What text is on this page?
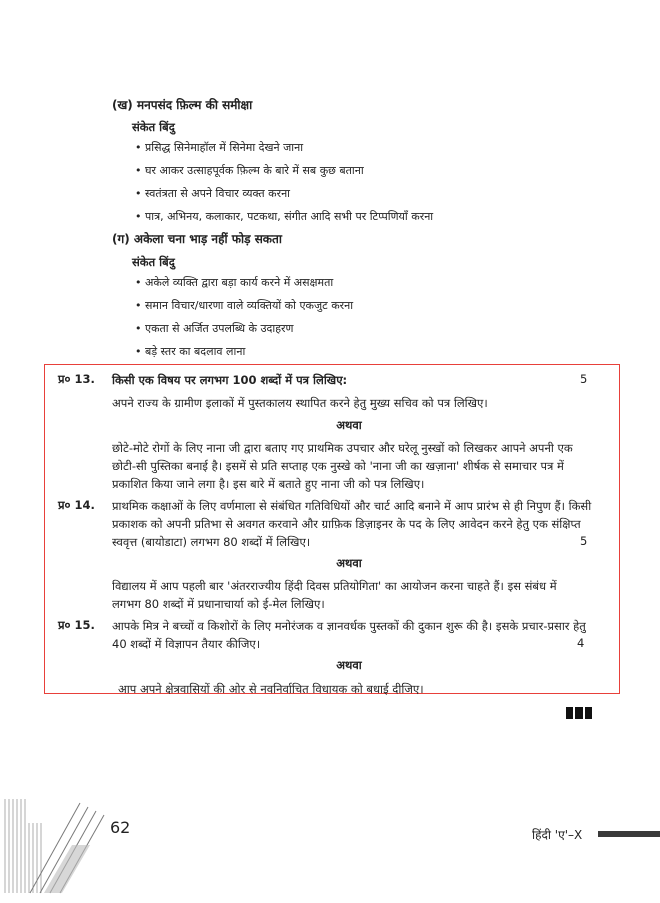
(ख) मनपसंद फ़िल्म की समीक्षा
संकेत बिंदु
• प्रसिद्ध सिनेमाहॉल में सिनेमा देखने जाना
• घर आकर उत्साहपूर्वक फ़िल्म के बारे में सब कुछ बताना
• स्वतंत्रता से अपने विचार व्यक्त करना
• पात्र, अभिनय, कलाकार, पटकथा, संगीत आदि सभी पर टिप्पणियाँ करना
(ग) अकेला चना भाड़ नहीं फोड़ सकता
संकेत बिंदु
• अकेले व्यक्ति द्वारा बड़ा कार्य करने में असक्षमता
• समान विचार/धारणा वाले व्यक्तियों को एकजुट करना
• एकता से अर्जित उपलब्धि के उदाहरण
• बड़े स्तर का बदलाव लाना
प्र० 13. किसी एक विषय पर लगभग 100 शब्दों में पत्र लिखिए:	5
अपने राज्य के ग्रामीण इलाकों में पुस्तकालय स्थापित करने हेतु मुख्य सचिव को पत्र लिखिए।
अथवा
छोटे-मोटे रोगों के लिए नाना जी द्वारा बताए गए प्राथमिक उपचार और घरेलू नुस्खों को लिखकर आपने अपनी एक
छोटी-सी पुस्तिका बनाई है। इसमें से प्रति सप्ताह एक नुस्खे को 'नाना जी का खज़ाना' शीर्षक से समाचार पत्र में
प्रकाशित किया जाने लगा है। इस बारे में बताते हुए नाना जी को पत्र लिखिए।
प्र० 14. प्राथमिक कक्षाओं के लिए वर्णमाला से संबंधित गतिविधियों और चार्ट आदि बनाने में आप प्रारंभ से ही निपुण हैं। किसी
प्रकाशक को अपनी प्रतिभा से अवगत करवाने और ग्राफ़िक डिज़ाइनर के पद के लिए आवेदन करने हेतु एक संक्षिप्त
स्ववृत्त (बायोडाटा) लगभग 80 शब्दों में लिखिए।	5
अथवा
विद्यालय में आप पहली बार 'अंतरराज्यीय हिंदी दिवस प्रतियोगिता' का आयोजन करना चाहते हैं। इस संबंध में
लगभग 80 शब्दों में प्रधानाचार्या को ई-मेल लिखिए।
प्र० 15. आपके मित्र ने बच्चों व किशोरों के लिए मनोरंजक व ज्ञानवर्धक पुस्तकों की दुकान शुरू की है। इसके प्रचार-प्रसार हेतु
40 शब्दों में विज्ञापन तैयार कीजिए।	4
अथवा
आप अपने क्षेत्रवासियों की ओर से नवनिर्वाचित विधायक को बधाई दीजिए।
62	हिंदी 'ए'–X
